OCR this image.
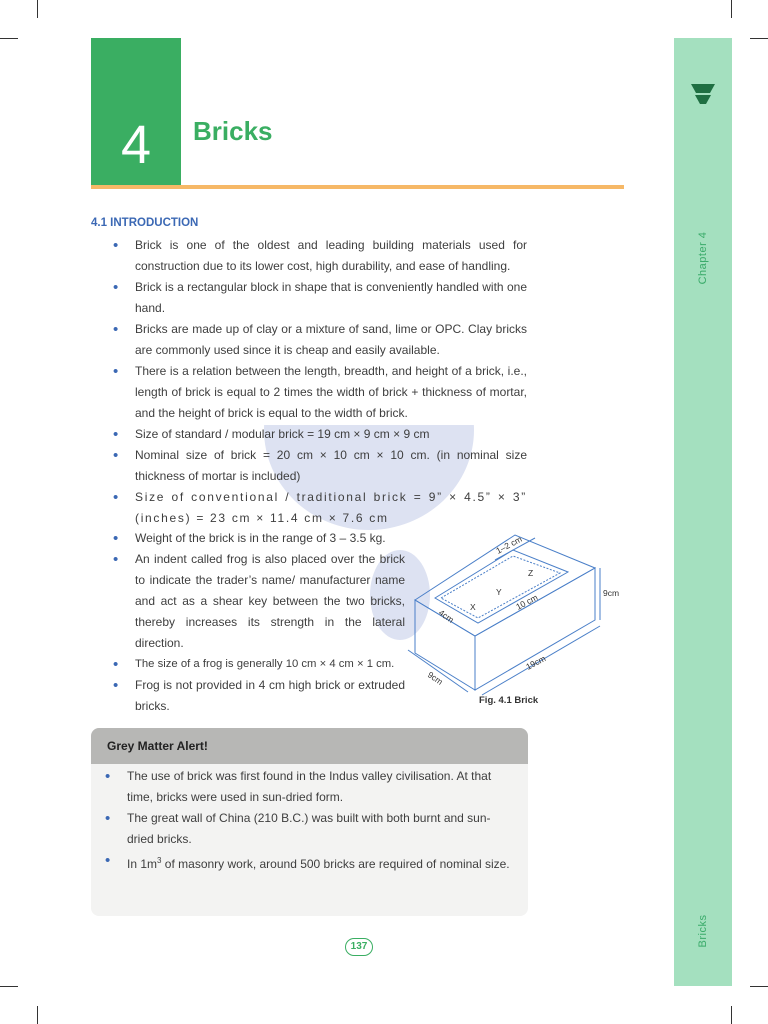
Chapter 4
Bricks
4 Bricks
4.1 INTRODUCTION
• Brick is one of the oldest and leading building materials used for construction due to its lower cost, high durability, and ease of handling.
• Brick is a rectangular block in shape that is conveniently handled with one hand.
• Bricks are made up of clay or a mixture of sand, lime or OPC. Clay bricks are commonly used since it is cheap and easily available.
• There is a relation between the length, breadth, and height of a brick, i.e., length of brick is equal to 2 times the width of brick + thickness of mortar, and the height of brick is equal to the width of brick.
• Size of standard / modular brick = 19 cm × 9 cm × 9 cm
• Nominal size of brick = 20 cm × 10 cm × 10 cm. (in nominal size thickness of mortar is included)
• Size of conventional / traditional brick = 9” × 4.5” × 3” (inches) = 23 cm × 11.4 cm × 7.6 cm
• Weight of the brick is in the range of 3 – 3.5 kg.
• An indent called frog is also placed over the brick to indicate the trader’s name/ manufacturer name and act as a shear key between the two bricks, thereby increases its strength in the lateral direction.
• The size of a frog is generally 10 cm × 4 cm × 1 cm.
• Frog is not provided in 4 cm high brick or extruded bricks.
1–2 cm
9cm
19cm
9cm
10 cm
4cm
X
Y
Z
Fig. 4.1 Brick
Grey Matter Alert!
• The use of brick was first found in the Indus valley civilisation. At that time, bricks were used in sun-dried form.
• The great wall of China (210 B.C.) was built with both burnt and sun-dried bricks.
• In $1m^3$ of masonry work, around 500 bricks are required of nominal size.
137
